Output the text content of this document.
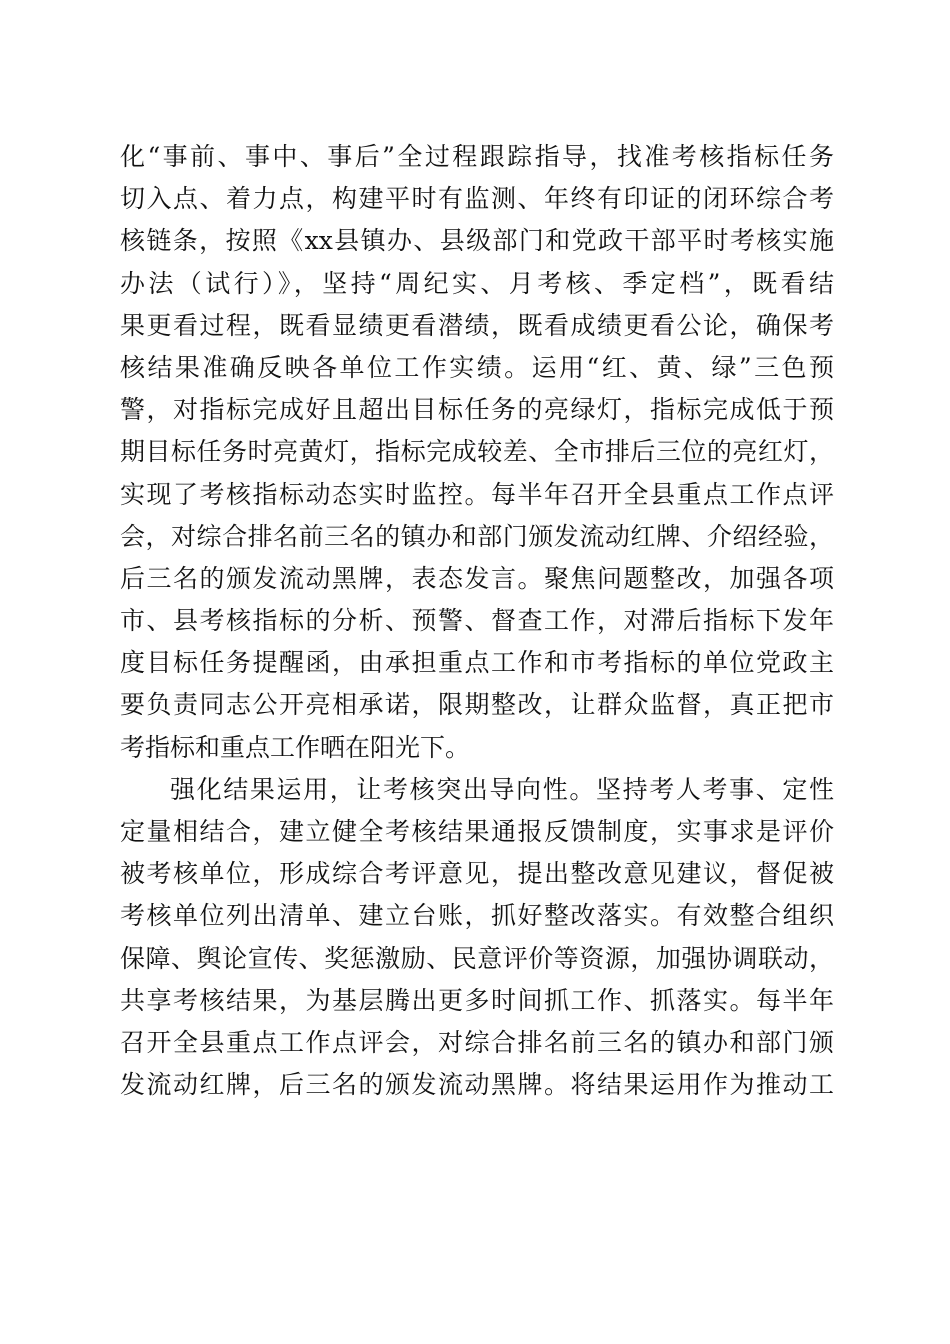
化“事前、事中、事后”全过程跟踪指导，找准考核指标任务
切入点、着力点，构建平时有监测、年终有印证的闭环综合考
核链条，按照《xx县镇办、县级部门和党政干部平时考核实施
办法（试行）》，坚持“周纪实、月考核、季定档”，既看结
果更看过程，既看显绩更看潜绩，既看成绩更看公论，确保考
核结果准确反映各单位工作实绩。运用“红、黄、绿”三色预
警，对指标完成好且超出目标任务的亮绿灯，指标完成低于预
期目标任务时亮黄灯，指标完成较差、全市排后三位的亮红灯，
实现了考核指标动态实时监控。每半年召开全县重点工作点评
会，对综合排名前三名的镇办和部门颁发流动红牌、介绍经验，
后三名的颁发流动黑牌，表态发言。聚焦问题整改，加强各项
市、县考核指标的分析、预警、督查工作，对滞后指标下发年
度目标任务提醒函，由承担重点工作和市考指标的单位党政主
要负责同志公开亮相承诺，限期整改，让群众监督，真正把市
考指标和重点工作晒在阳光下。
强化结果运用，让考核突出导向性。坚持考人考事、定性
定量相结合，建立健全考核结果通报反馈制度，实事求是评价
被考核单位，形成综合考评意见，提出整改意见建议，督促被
考核单位列出清单、建立台账，抓好整改落实。有效整合组织
保障、舆论宣传、奖惩激励、民意评价等资源，加强协调联动，
共享考核结果，为基层腾出更多时间抓工作、抓落实。每半年
召开全县重点工作点评会，对综合排名前三名的镇办和部门颁
发流动红牌，后三名的颁发流动黑牌。将结果运用作为推动工
